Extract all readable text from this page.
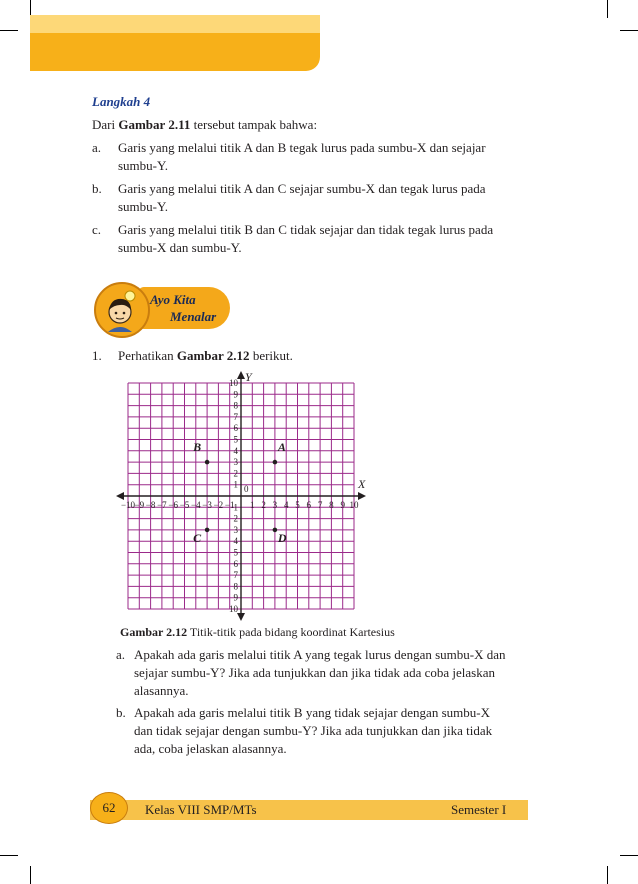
Langkah 4
Dari Gambar 2.11 tersebut tampak bahwa:
a. Garis yang melalui titik A dan B tegak lurus pada sumbu-X dan sejajar
sumbu-Y.
b. Garis yang melalui titik A dan C sejajar sumbu-X dan tegak lurus pada
sumbu-Y.
c. Garis yang melalui titik B dan C tidak sejajar dan tidak tegak lurus pada
sumbu-X dan sumbu-Y.
Ayo Kita
Menalar
1. Perhatikan Gambar 2.12 berikut.
X
Y
0
−10 −9 −8 −7 −6 −5 −4 −3 −2 −1 1 2 3 4 5 6 7 8 9 10
1
2
3
4
5
6
7
8
9
10
1
2
3
4
5
6
7
8
9
10
A
B
C	D
Gambar 2.12 Titik-titik pada bidang koordinat Kartesius
a. Apakah ada garis melalui titik A yang tegak lurus dengan sumbu-X dan
sejajar sumbu-Y? Jika ada tunjukkan dan jika tidak ada coba jelaskan
alasannya.
b. Apakah ada garis melalui titik B yang tidak sejajar dengan sumbu-X
dan tidak sejajar dengan sumbu-Y? Jika ada tunjukkan dan jika tidak
ada, coba jelaskan alasannya.
62	Kelas VIII SMP/MTs	Semester I
